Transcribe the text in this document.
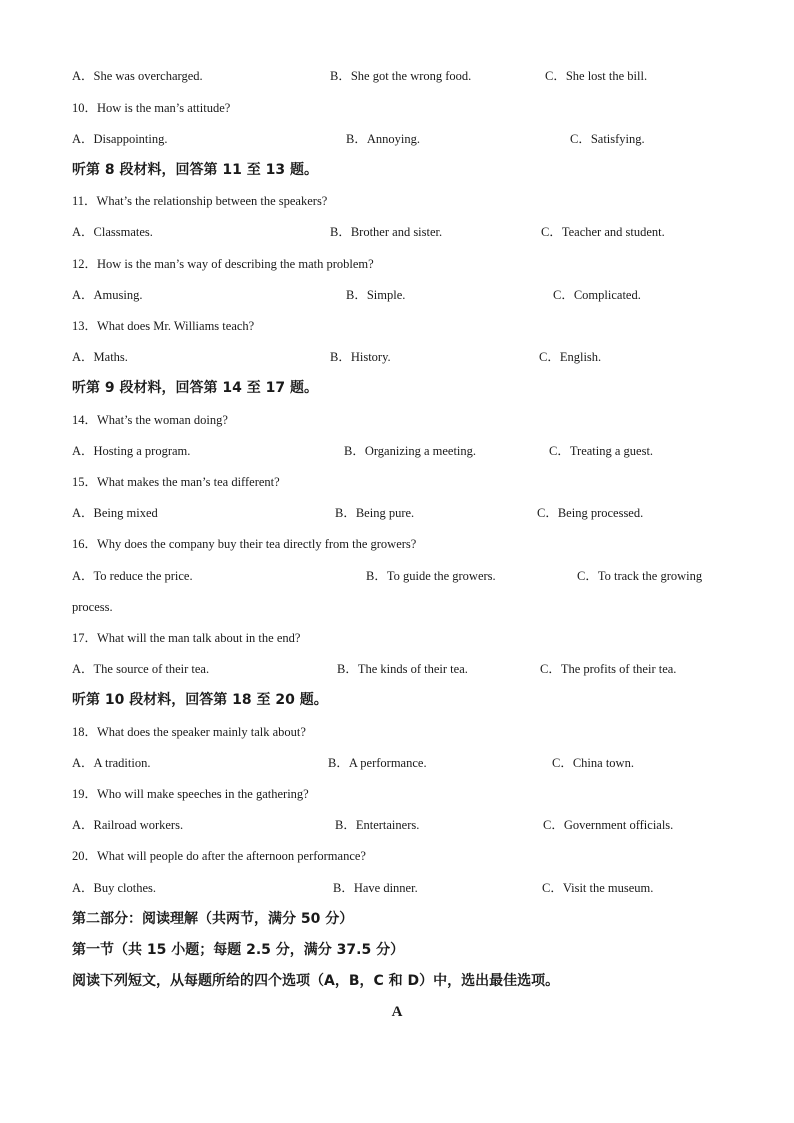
A．She was overcharged.	B．She got the wrong food.	C．She lost the bill.
10．How is the man’s attitude?
A．Disappointing.	B．Annoying.	C．Satisfying.
听第 8 段材料，回答第 11 至 13 题。
11．What’s the relationship between the speakers?
A．Classmates.	B．Brother and sister.	C．Teacher and student.
12．How is the man’s way of describing the math problem?
A．Amusing.	B．Simple.	C．Complicated.
13．What does Mr. Williams teach?
A．Maths.	B．History.	C．English.
听第 9 段材料，回答第 14 至 17 题。
14．What’s the woman doing?
A．Hosting a program.	B．Organizing a meeting.	C．Treating a guest.
15．What makes the man’s tea different?
A．Being mixed	B．Being pure.	C．Being processed.
16．Why does the company buy their tea directly from the growers?
A．To reduce the price.	B．To guide the growers.	C．To track the growing
process.
17．What will the man talk about in the end?
A．The source of their tea.	B．The kinds of their tea.	C．The profits of their tea.
听第 10 段材料，回答第 18 至 20 题。
18．What does the speaker mainly talk about?
A．A tradition.	B．A performance.	C．China town.
19．Who will make speeches in the gathering?
A．Railroad workers.	B．Entertainers.	C．Government officials.
20．What will people do after the afternoon performance?
A．Buy clothes.	B．Have dinner.	C．Visit the museum.
第二部分：阅读理解（共两节，满分 50 分）
第一节（共 15 小题；每题 2.5 分，满分 37.5 分）
阅读下列短文，从每题所给的四个选项（A，B，C 和 D）中，选出最佳选项。
A
